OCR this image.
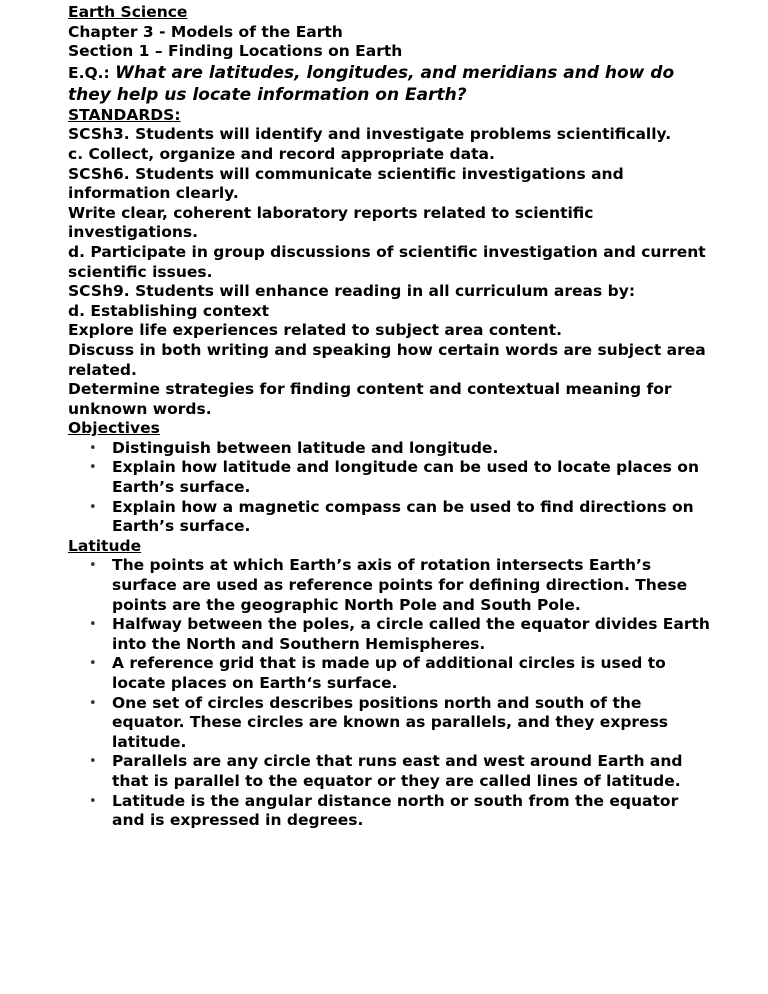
Earth Science
Chapter 3 - Models of the Earth
Section 1 – Finding Locations on Earth
E.Q.: What are latitudes, longitudes, and meridians and how do they help us locate information on Earth?
STANDARDS:
SCSh3. Students will identify and investigate problems scientifically.
c. Collect, organize and record appropriate data.
SCSh6. Students will communicate scientific investigations and
information clearly.
Write clear, coherent laboratory reports related to scientific
investigations.
d. Participate in group discussions of scientific investigation and current
scientific issues.
SCSh9. Students will enhance reading in all curriculum areas by:
d. Establishing context
Explore life experiences related to subject area content.
Discuss in both writing and speaking how certain words are subject area
related.
Determine strategies for finding content and contextual meaning for
unknown words.
Objectives
• Distinguish between latitude and longitude.
• Explain how latitude and longitude can be used to locate places on Earth’s surface.
• Explain how a magnetic compass can be used to find directions on Earth’s surface.
Latitude
• The points at which Earth’s axis of rotation intersects Earth’s surface are used as reference points for defining direction. These points are the geographic North Pole and South Pole.
• Halfway between the poles, a circle called the equator divides Earth into the North and Southern Hemispheres.
• A reference grid that is made up of additional circles is used to locate places on Earth‘s surface.
• One set of circles describes positions north and south of the equator. These circles are known as parallels, and they express latitude.
• Parallels are any circle that runs east and west around Earth and that is parallel to the equator or they are called lines of latitude.
• Latitude is the angular distance north or south from the equator and is expressed in degrees.
